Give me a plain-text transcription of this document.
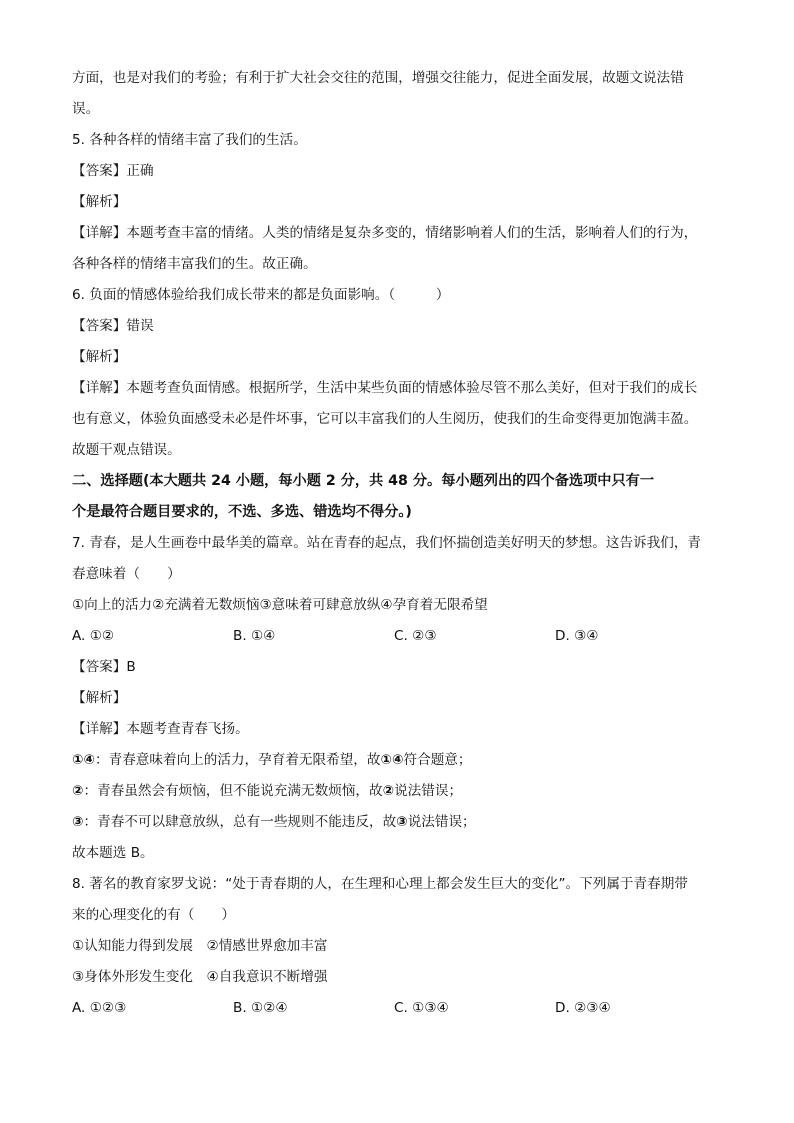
方面，也是对我们的考验；有利于扩大社会交往的范围，增强交往能力，促进全面发展，故题文说法错
误。
5. 各种各样的情绪丰富了我们的生活。
【答案】正确
【解析】
【详解】本题考查丰富的情绪。人类的情绪是复杂多变的，情绪影响着人们的生活，影响着人们的行为，
各种各样的情绪丰富我们的生。故正确。
6. 负面的情感体验给我们成长带来的都是负面影响。（　　　）
【答案】错误
【解析】
【详解】本题考查负面情感。根据所学，生活中某些负面的情感体验尽管不那么美好，但对于我们的成长
也有意义，体验负面感受未必是件坏事，它可以丰富我们的人生阅历，使我们的生命变得更加饱满丰盈。
故题干观点错误。
二、选择题(本大题共 24 小题，每小题 2 分，共 48 分。每小题列出的四个备选项中只有一
个是最符合题目要求的，不选、多选、错选均不得分。)
7. 青春，是人生画卷中最华美的篇章。站在青春的起点，我们怀揣创造美好明天的梦想。这告诉我们，青
春意味着（　　）
①向上的活力②充满着无数烦恼③意味着可肆意放纵④孕育着无限希望
A. ①②	B. ①④	C. ②③	D. ③④
【答案】B
【解析】
【详解】本题考查青春飞扬。
①④：青春意味着向上的活力，孕育着无限希望，故①④符合题意；
②：青春虽然会有烦恼，但不能说充满无数烦恼，故②说法错误；
③：青春不可以肆意放纵，总有一些规则不能违反，故③说法错误；
故本题选 B。
8. 著名的教育家罗戈说：“处于青春期的人，在生理和心理上都会发生巨大的变化”。下列属于青春期带
来的心理变化的有（　　）
①认知能力得到发展　②情感世界愈加丰富
③身体外形发生变化　④自我意识不断增强
A. ①②③	B. ①②④	C. ①③④	D. ②③④
